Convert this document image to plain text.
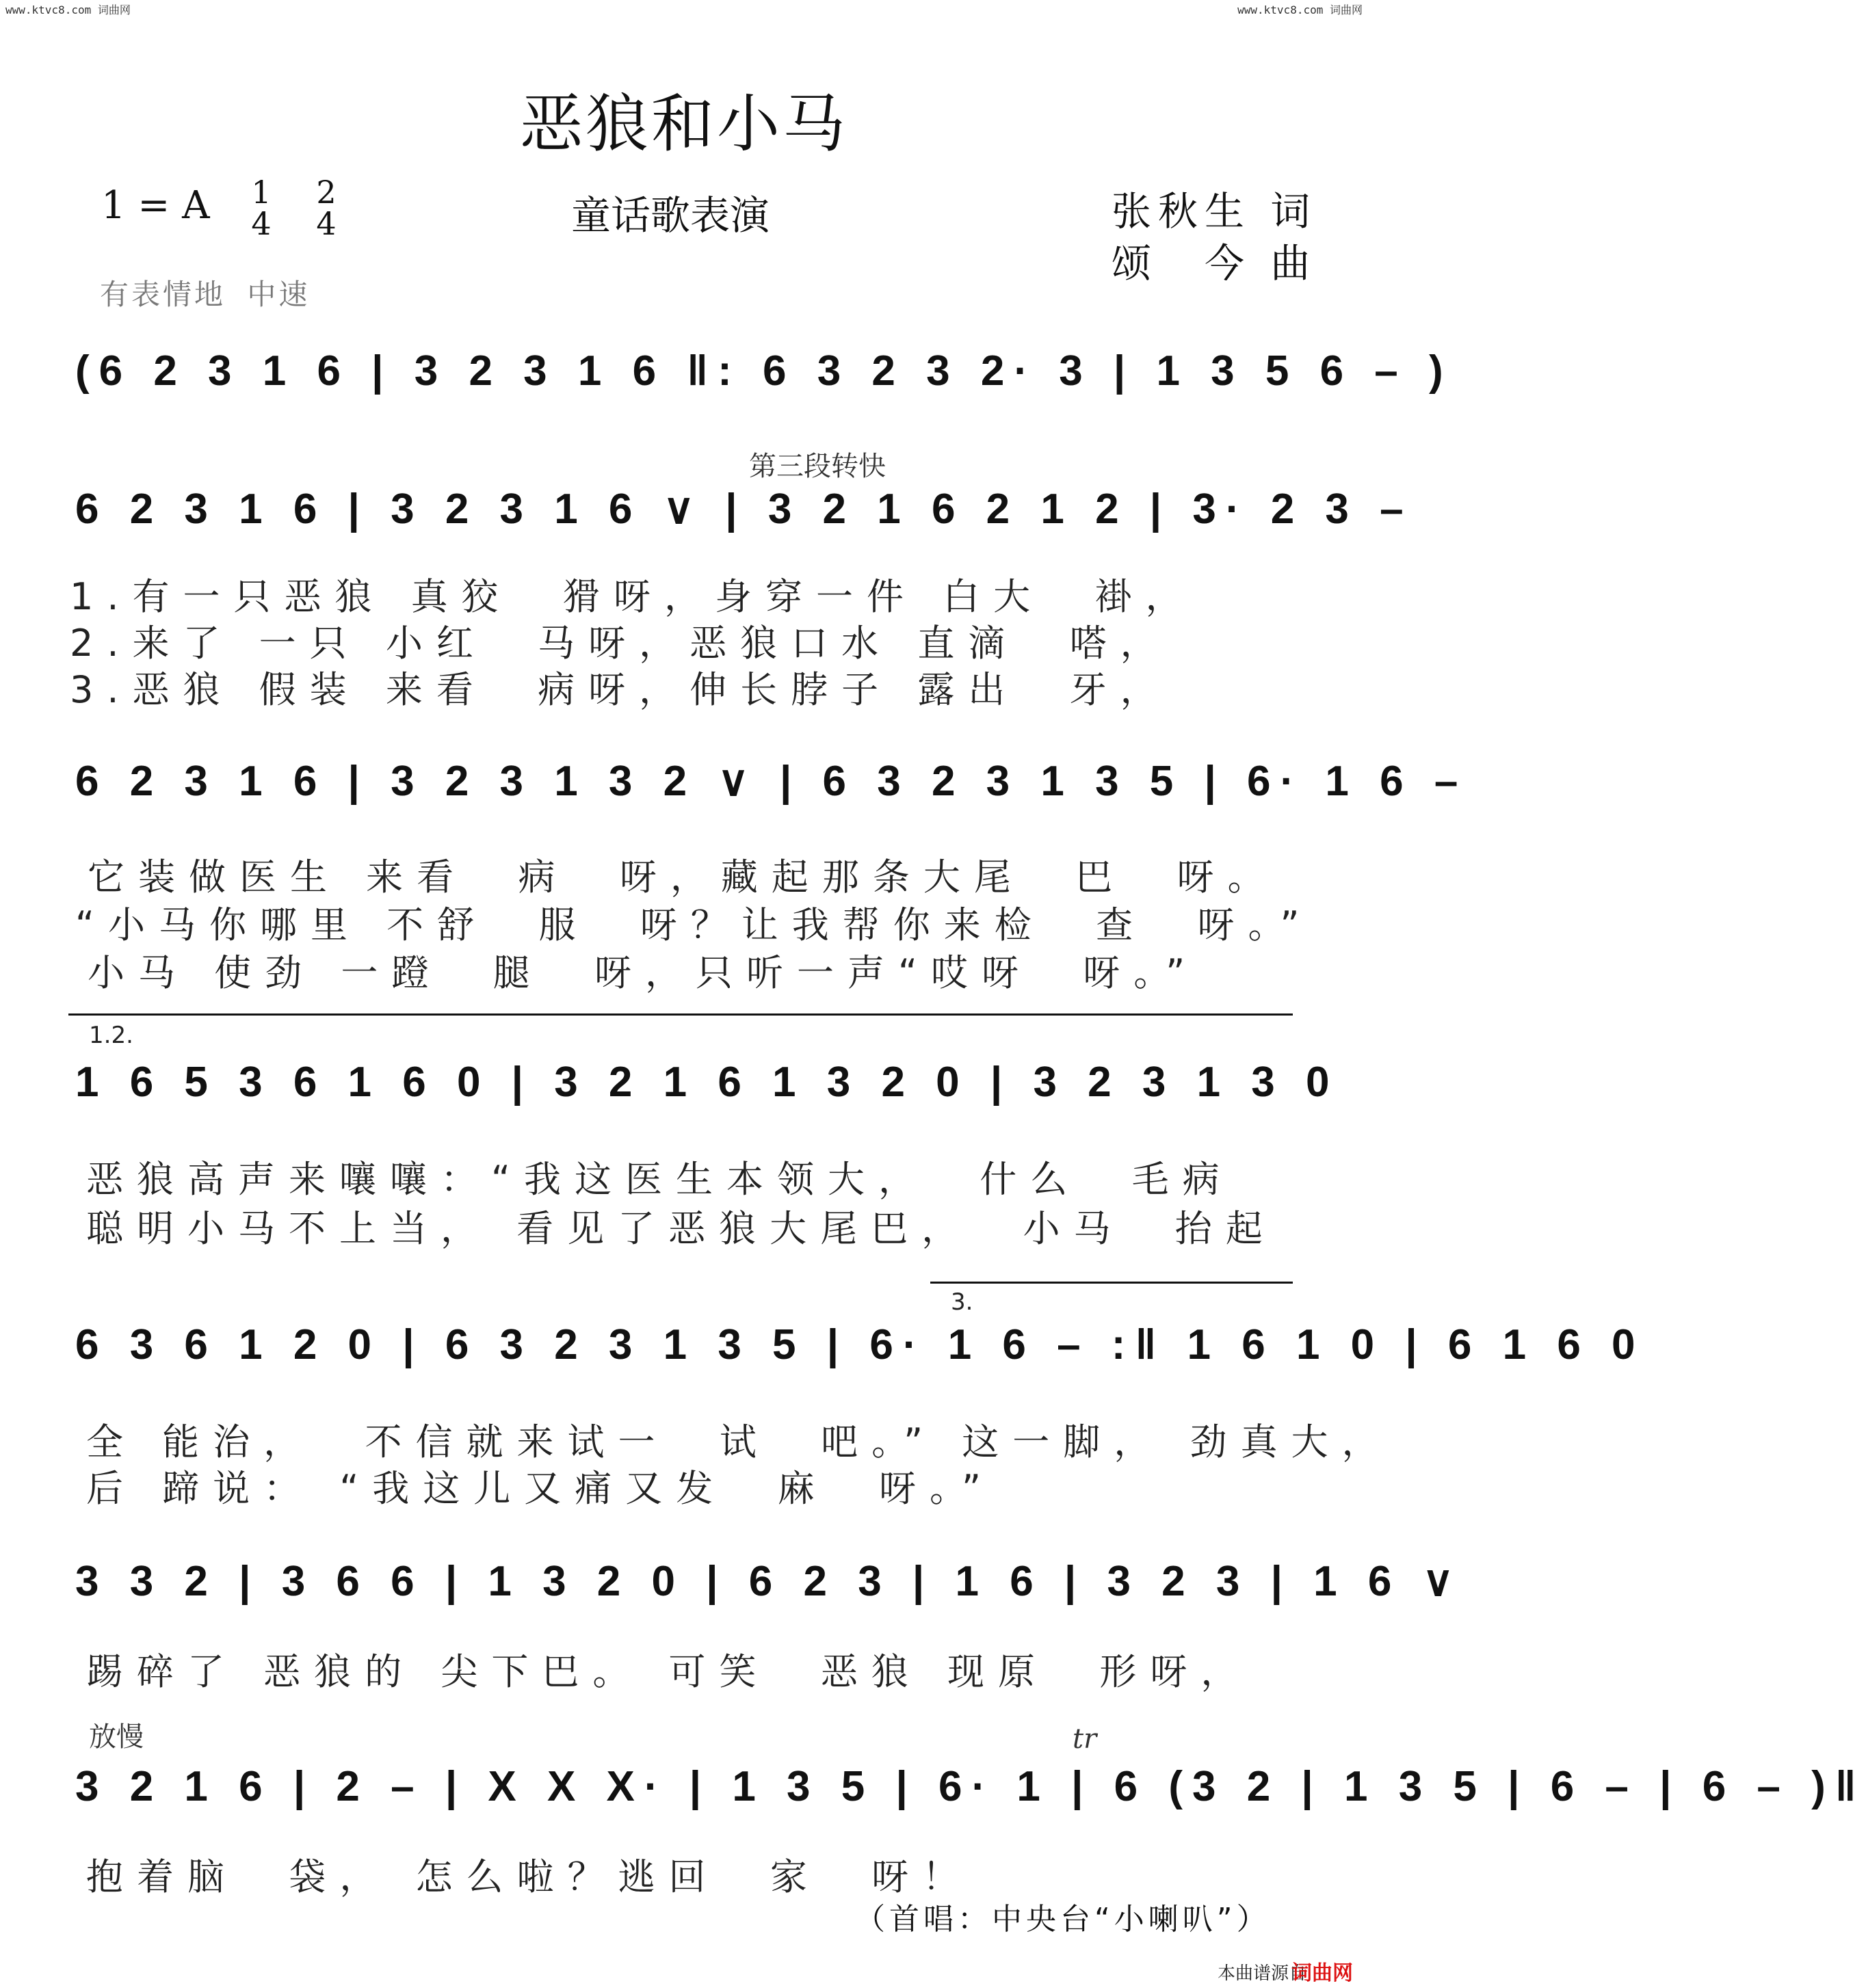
www.ktvc8.com 词曲网	www.ktvc8.com 词曲网
恶狼和小马
1 = A 1
4
2
4	童话歌表演	张秋生 词
颂　今 曲
有表情地 中速
(6 2 3 1 6 | 3 2 3 1 6 ‖: 6 3 2 3 2· 3 | 1 3 5 6 – )
第三段转快
6 2 3 1 6 | 3 2 3 1 6 ∨ | 3 2 1 6 2 1 2 | 3· 2 3 –
1.有一只恶狼 真狡  猾呀，身穿一件 白大  褂，
2.来了 一只 小红  马呀，恶狼口水 直滴  嗒，
3.恶狼 假装 来看  病呀，伸长脖子 露出  牙，
6 2 3 1 6 | 3 2 3 1 3 2 ∨ | 6 3 2 3 1 3 5 | 6· 1 6 –
它装做医生 来看  病  呀，藏起那条大尾  巴  呀。
“小马你哪里 不舒  服  呀？让我帮你来检  查  呀。”
小马 使劲 一蹬  腿  呀，只听一声“哎呀  呀。”
1.2.
1 6 5 3 6 1 6 0 | 3 2 1 6 1 3 2 0 | 3 2 3 1 3 0
恶狼高声来嚷嚷：“我这医生本领大，  什么  毛病
聪明小马不上当， 看见了恶狼大尾巴，  小马  抬起
3.
6 3 6 1 2 0 | 6 3 2 3 1 3 5 | 6· 1 6 – :‖ 1 6 1 0 | 6 1 6 0
全 能治，  不信就来试一  试  吧。” 这一脚， 劲真大，
后 蹄说： “我这儿又痛又发  麻  呀。”
3 3 2 | 3 6 6 | 1 3 2 0 | 6 2 3 | 1 6 | 3 2 3 | 1 6 ∨
踢碎了 恶狼的 尖下巴。 可笑  恶狼 现原  形呀，
放慢	tr
3 2 1 6 | 2 – | X X X· | 1 3 5 | 6· 1 | 6 (3 2 | 1 3 5 | 6 – | 6 – )‖
抱着脑  袋， 怎么啦？逃回  家  呀！
（首唱：中央台“小喇叭”）
本曲谱源自
词曲网
